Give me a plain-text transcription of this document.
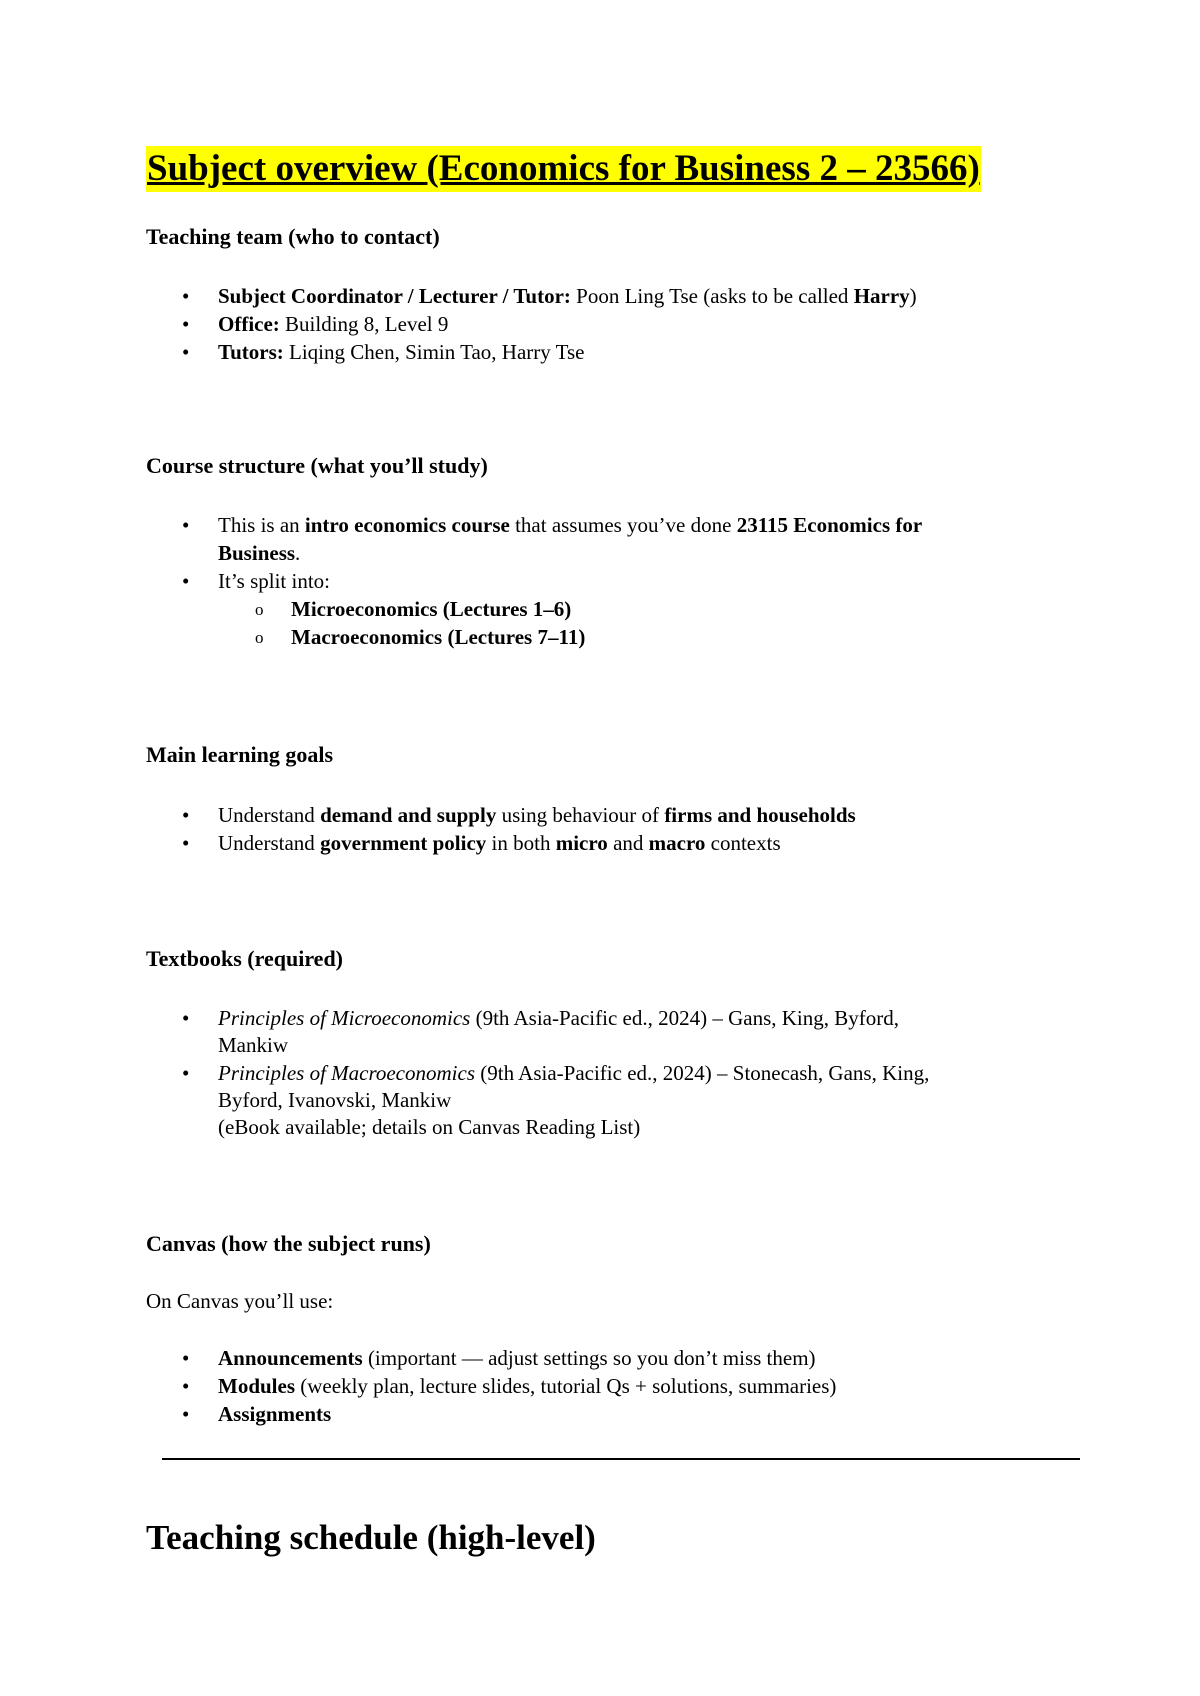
Subject overview (Economics for Business 2 – 23566)
Teaching team (who to contact)
• Subject Coordinator / Lecturer / Tutor: Poon Ling Tse (asks to be called Harry)
• Office: Building 8, Level 9
• Tutors: Liqing Chen, Simin Tao, Harry Tse
Course structure (what you’ll study)
• This is an intro economics course that assumes you’ve done 23115 Economics for
Business.
• It’s split into:
o Microeconomics (Lectures 1–6)
o Macroeconomics (Lectures 7–11)
Main learning goals
• Understand demand and supply using behaviour of firms and households
• Understand government policy in both micro and macro contexts
Textbooks (required)
• Principles of Microeconomics (9th Asia-Pacific ed., 2024) – Gans, King, Byford,
Mankiw
• Principles of Macroeconomics (9th Asia-Pacific ed., 2024) – Stonecash, Gans, King,
Byford, Ivanovski, Mankiw
(eBook available; details on Canvas Reading List)
Canvas (how the subject runs)
On Canvas you’ll use:
• Announcements (important — adjust settings so you don’t miss them)
• Modules (weekly plan, lecture slides, tutorial Qs + solutions, summaries)
• Assignments
Teaching schedule (high-level)
